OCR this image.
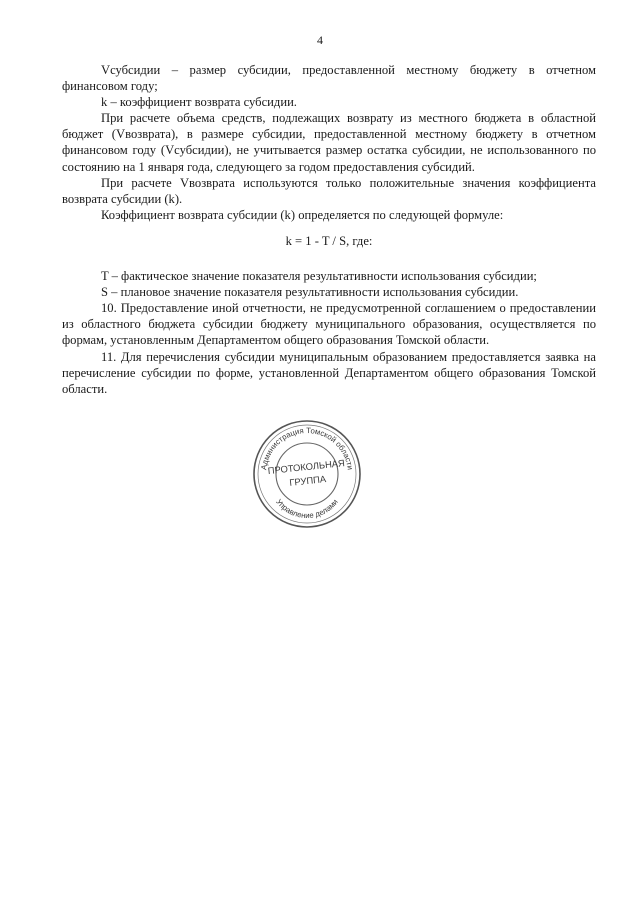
4

Vсубсидии – размер субсидии, предоставленной местному бюджету в отчетном финансовом году;

k – коэффициент возврата субсидии.

При расчете объема средств, подлежащих возврату из местного бюджета в областной бюджет (Vвозврата), в размере субсидии, предоставленной местному бюджету в отчетном финансовом году (Vсубсидии), не учитывается размер остатка субсидии, не использованного по состоянию на 1 января года, следующего за годом предоставления субсидий.

При расчете Vвозврата используются только положительные значения коэффициента возврата субсидии (k).

Коэффициент возврата субсидии (k) определяется по следующей формуле:

k = 1 - T / S, где:

T – фактическое значение показателя результативности использования субсидии;

S – плановое значение показателя результативности использования субсидии.

10. Предоставление иной отчетности, не предусмотренной соглашением о предоставлении из областного бюджета субсидии бюджету муниципального образования, осуществляется по формам, установленным Департаментом общего образования Томской области.

11. Для перечисления субсидии муниципальным образованием предоставляется заявка на перечисление субсидии по форме, установленной Департаментом общего образования Томской области.

Администрация Томской области
Управление делами
ПРОТОКОЛЬНАЯ
ГРУППА
